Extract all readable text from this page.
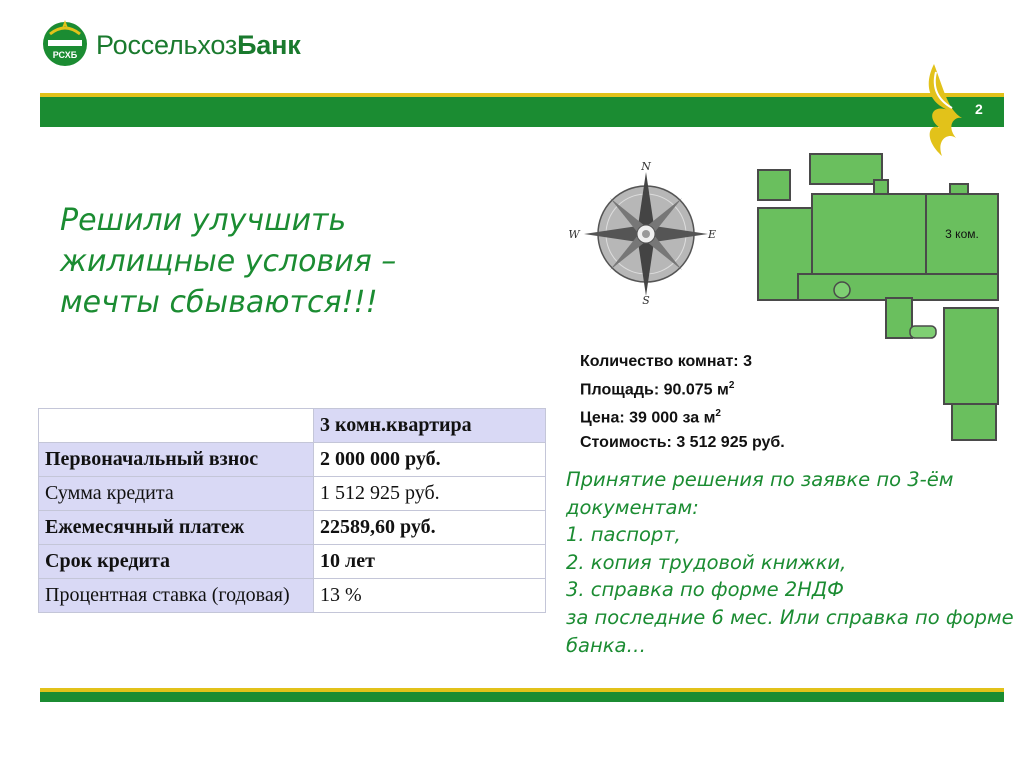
РСХБ РоссельхозБанк
2
Решили улучшить
жилищные условия –
мечты сбываются!!!
N
S
W	E	3 ком.
Количество комнат: 3
Площадь: 90.075 $м^2$
Цена: 39 000 за $м^2$
Стоимость: 3 512 925 руб.
	3 комн.квартира
Первоначальный взнос	2 000 000 руб.
Сумма кредита	1 512 925 руб.
Ежемесячный платеж	22589,60 руб.
Срок кредита	10 лет
Процентная ставка (годовая)	13 %
Принятие решения по заявке по 3-ём документам:
1. паспорт,
2. копия трудовой книжки,
3. справка по форме 2НДФ
за последние 6 мес. Или справка по форме банка…
